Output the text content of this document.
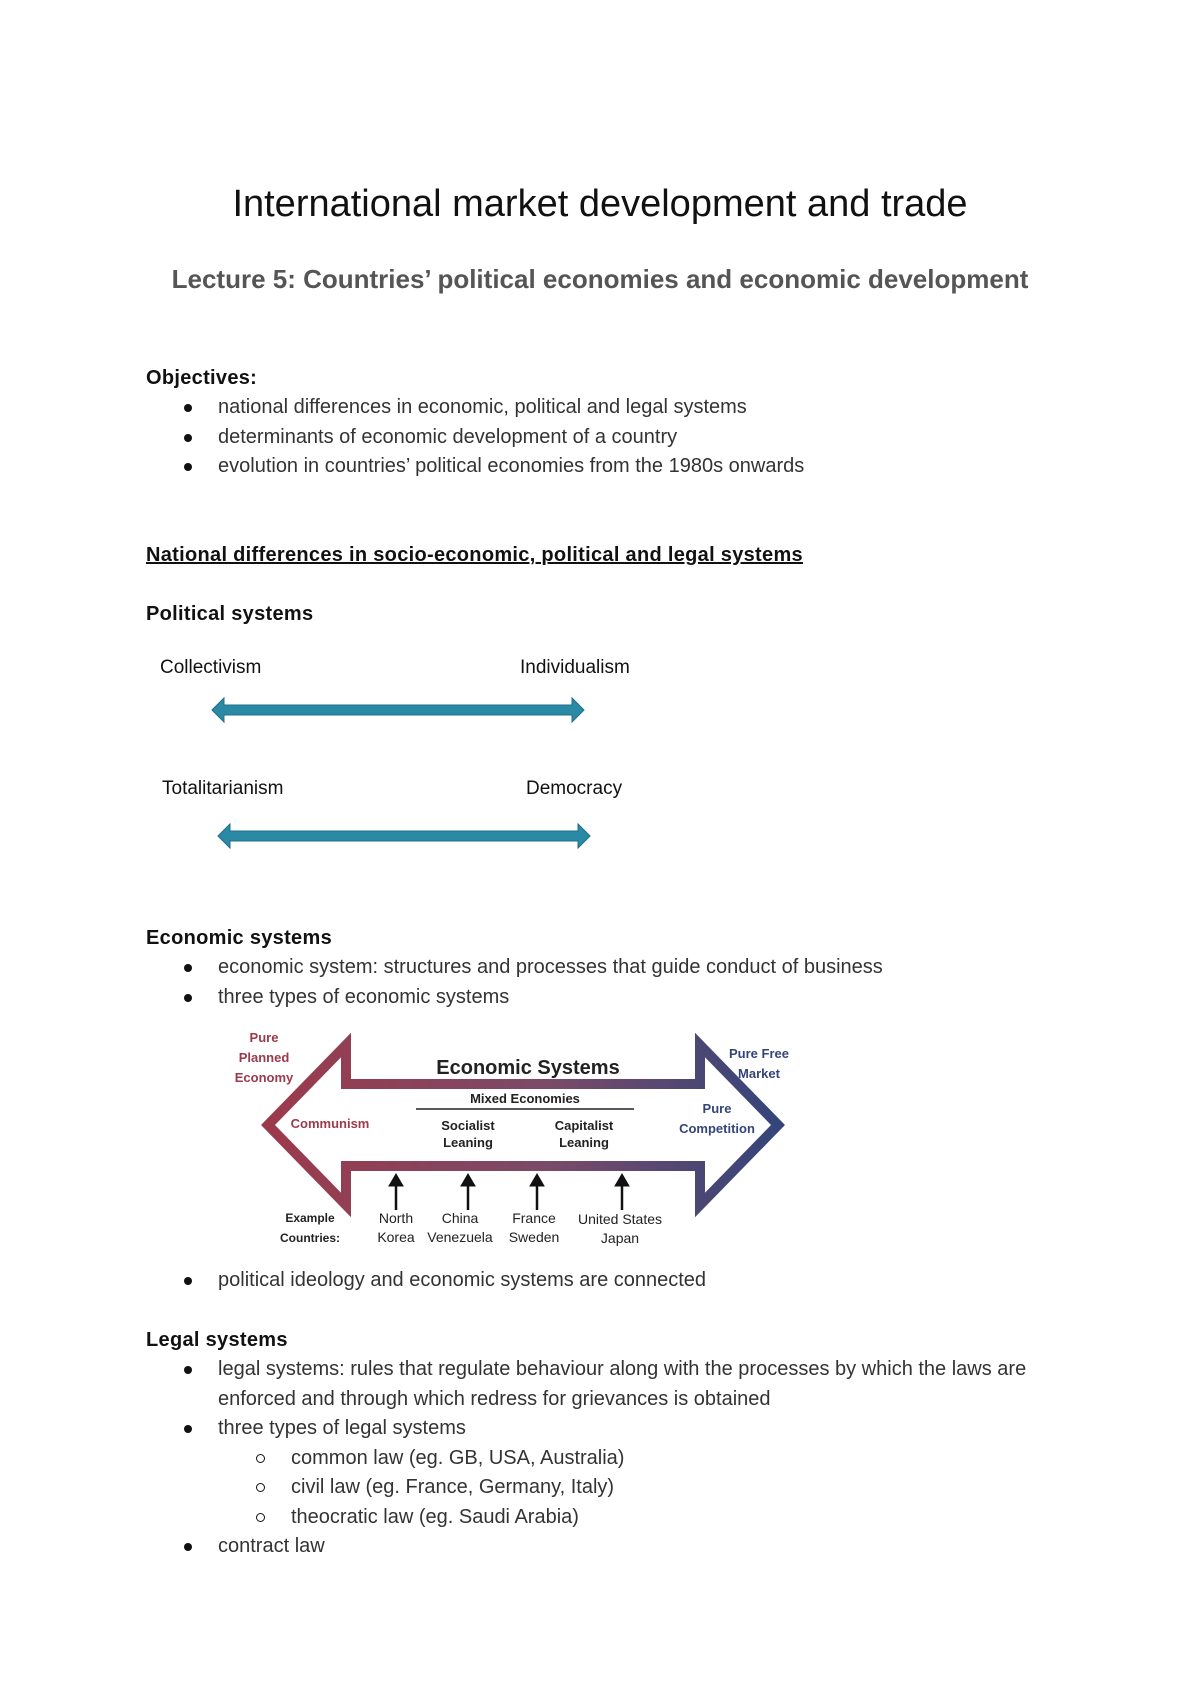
International market development and trade
Lecture 5: Countries’ political economies and economic development

Objectives:

national differences in economic, political and legal systems
determinants of economic development of a country
evolution in countries’ political economies from the 1980s onwards

National differences in socio-economic, political and legal systems

Political systems

Collectivism	Individualism
Totalitarianism	Democracy

Economic systems

economic system: structures and processes that guide conduct of business
three types of economic systems
Economic Systems
Pure
Planned
Economy
Pure Free
Market
Communism
Pure
Competition
Mixed Economies
Socialist
Leaning
Capitalist
Leaning
Example
Countries:
North
Korea
China
Venezuela
France
Sweden
United States
Japan
political ideology and economic systems are connected

Legal systems

legal systems: rules that regulate behaviour along with the processes by which the laws are enforced and through which redress for grievances is obtained
three types of legal systems
common law (eg. GB, USA, Australia)
civil law (eg. France, Germany, Italy)
theocratic law (eg. Saudi Arabia)
contract law
